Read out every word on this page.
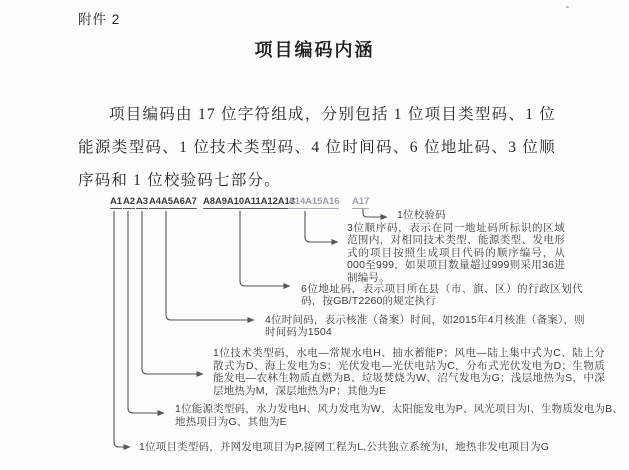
附件 2
项目编码内涵
项目编码由 17 位字符组成，分别包括 1 位项目类型码、1 位能源类型码、1 位技术类型码、4 位时间码、6 位地址码、3 位顺序码和 1 位校验码七部分。
A1 A2 A3 A4A5A6A7 A8A9A10A11A12A13
A14A15A16 A17
1位校验码
3位顺序码，表示在同一地址码所标识的区域范围内，对相同技术类型、能源类型、发电形式的项目按照生成项目代码的顺序编号，从000至999，如果项目数量超过999则采用36进制编号。
6位地址码，表示项目所在县（市、旗、区）的行政区划代码，按GB/T2260的规定执行
4位时间码，表示核准（备案）时间，如2015年4月核准（备案），则时间码为1504
1位技术类型码，水电—常规水电H、抽水蓄能P；风电—陆上集中式为C、陆上分散式为D、海上发电为S；光伏发电—光伏电站为C，分布式光伏发电为D；生物质能发电—农林生物质直燃为B、垃圾焚烧为W、沼气发电为G；浅层地热为S，中深层地热为M，深层地热为P；其他为E
1位能源类型码，水力发电H、风力发电为W、太阳能发电为P、风光项目为I、生物质发电为B、地热项目为G、其他为E
1位项目类型码，并网发电项目为P,接网工程为L,公共独立系统为I，地热非发电项目为G
